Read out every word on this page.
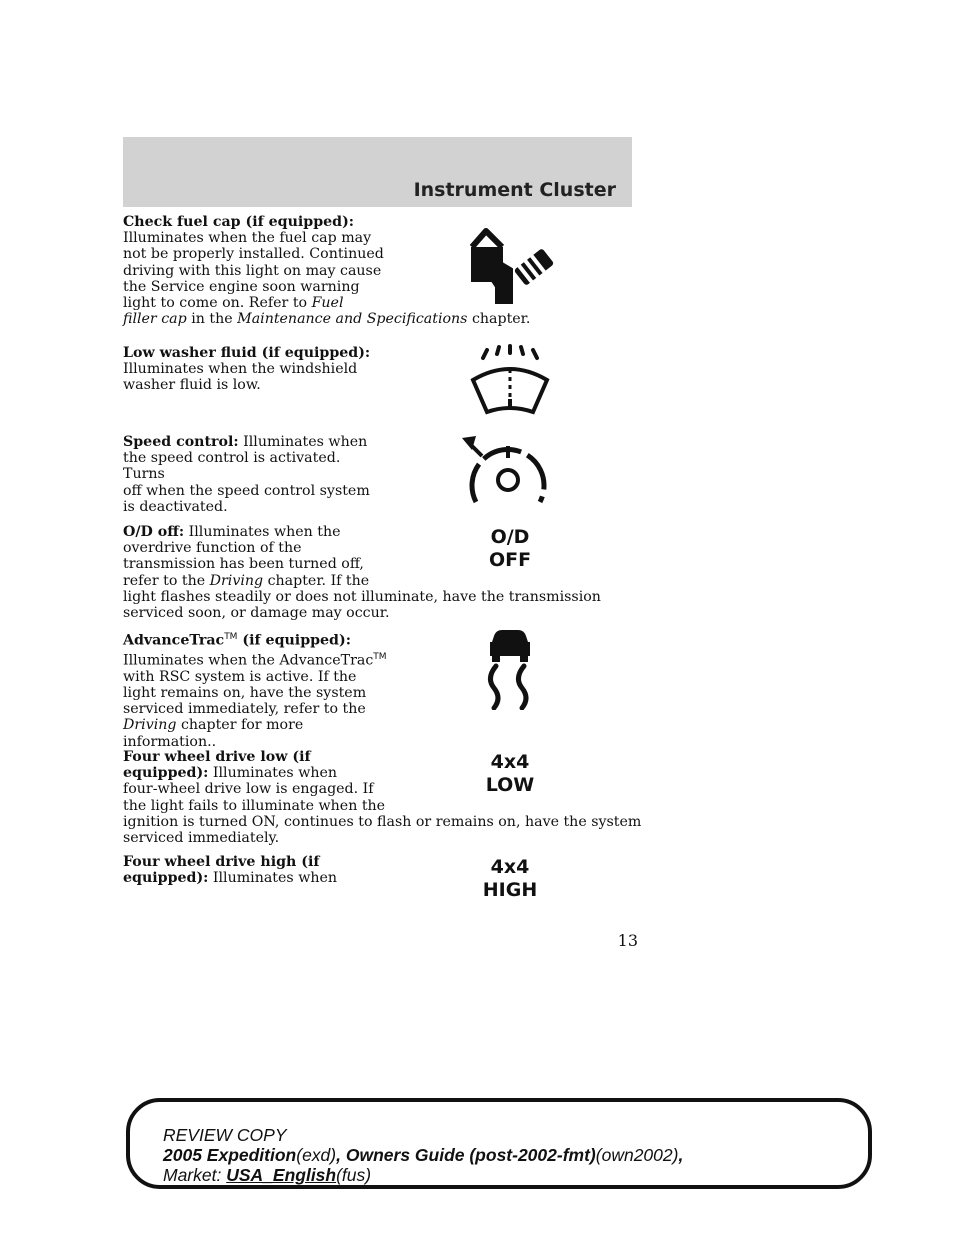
Instrument Cluster
Check fuel cap (if equipped):
Illuminates when the fuel cap may
not be properly installed. Continued
driving with this light on may cause
the Service engine soon warning
light to come on. Refer to Fuel
filler cap in the Maintenance and Specifications chapter.
Low washer fluid (if equipped):
Illuminates when the windshield
washer fluid is low.
Speed control: Illuminates when
the speed control is activated. Turns
off when the speed control system
is deactivated.
O/D off: Illuminates when the
overdrive function of the
transmission has been turned off,
refer to the Driving chapter. If the
light flashes steadily or does not illuminate, have the transmission
serviced soon, or damage may occur.
O/D
OFF
AdvanceTrac™ (if equipped):
Illuminates when the AdvanceTrac™
with RSC system is active. If the
light remains on, have the system
serviced immediately, refer to the
Driving chapter for more
information..
Four wheel drive low (if
equipped): Illuminates when
four-wheel drive low is engaged. If
the light fails to illuminate when the
ignition is turned ON, continues to flash or remains on, have the system
serviced immediately.
4x4
LOW
Four wheel drive high (if
equipped): Illuminates when
4x4
HIGH
13
REVIEW COPY
2005 Expedition(exd), Owners Guide (post-2002-fmt)(own2002),
Market: USA_English(fus)
